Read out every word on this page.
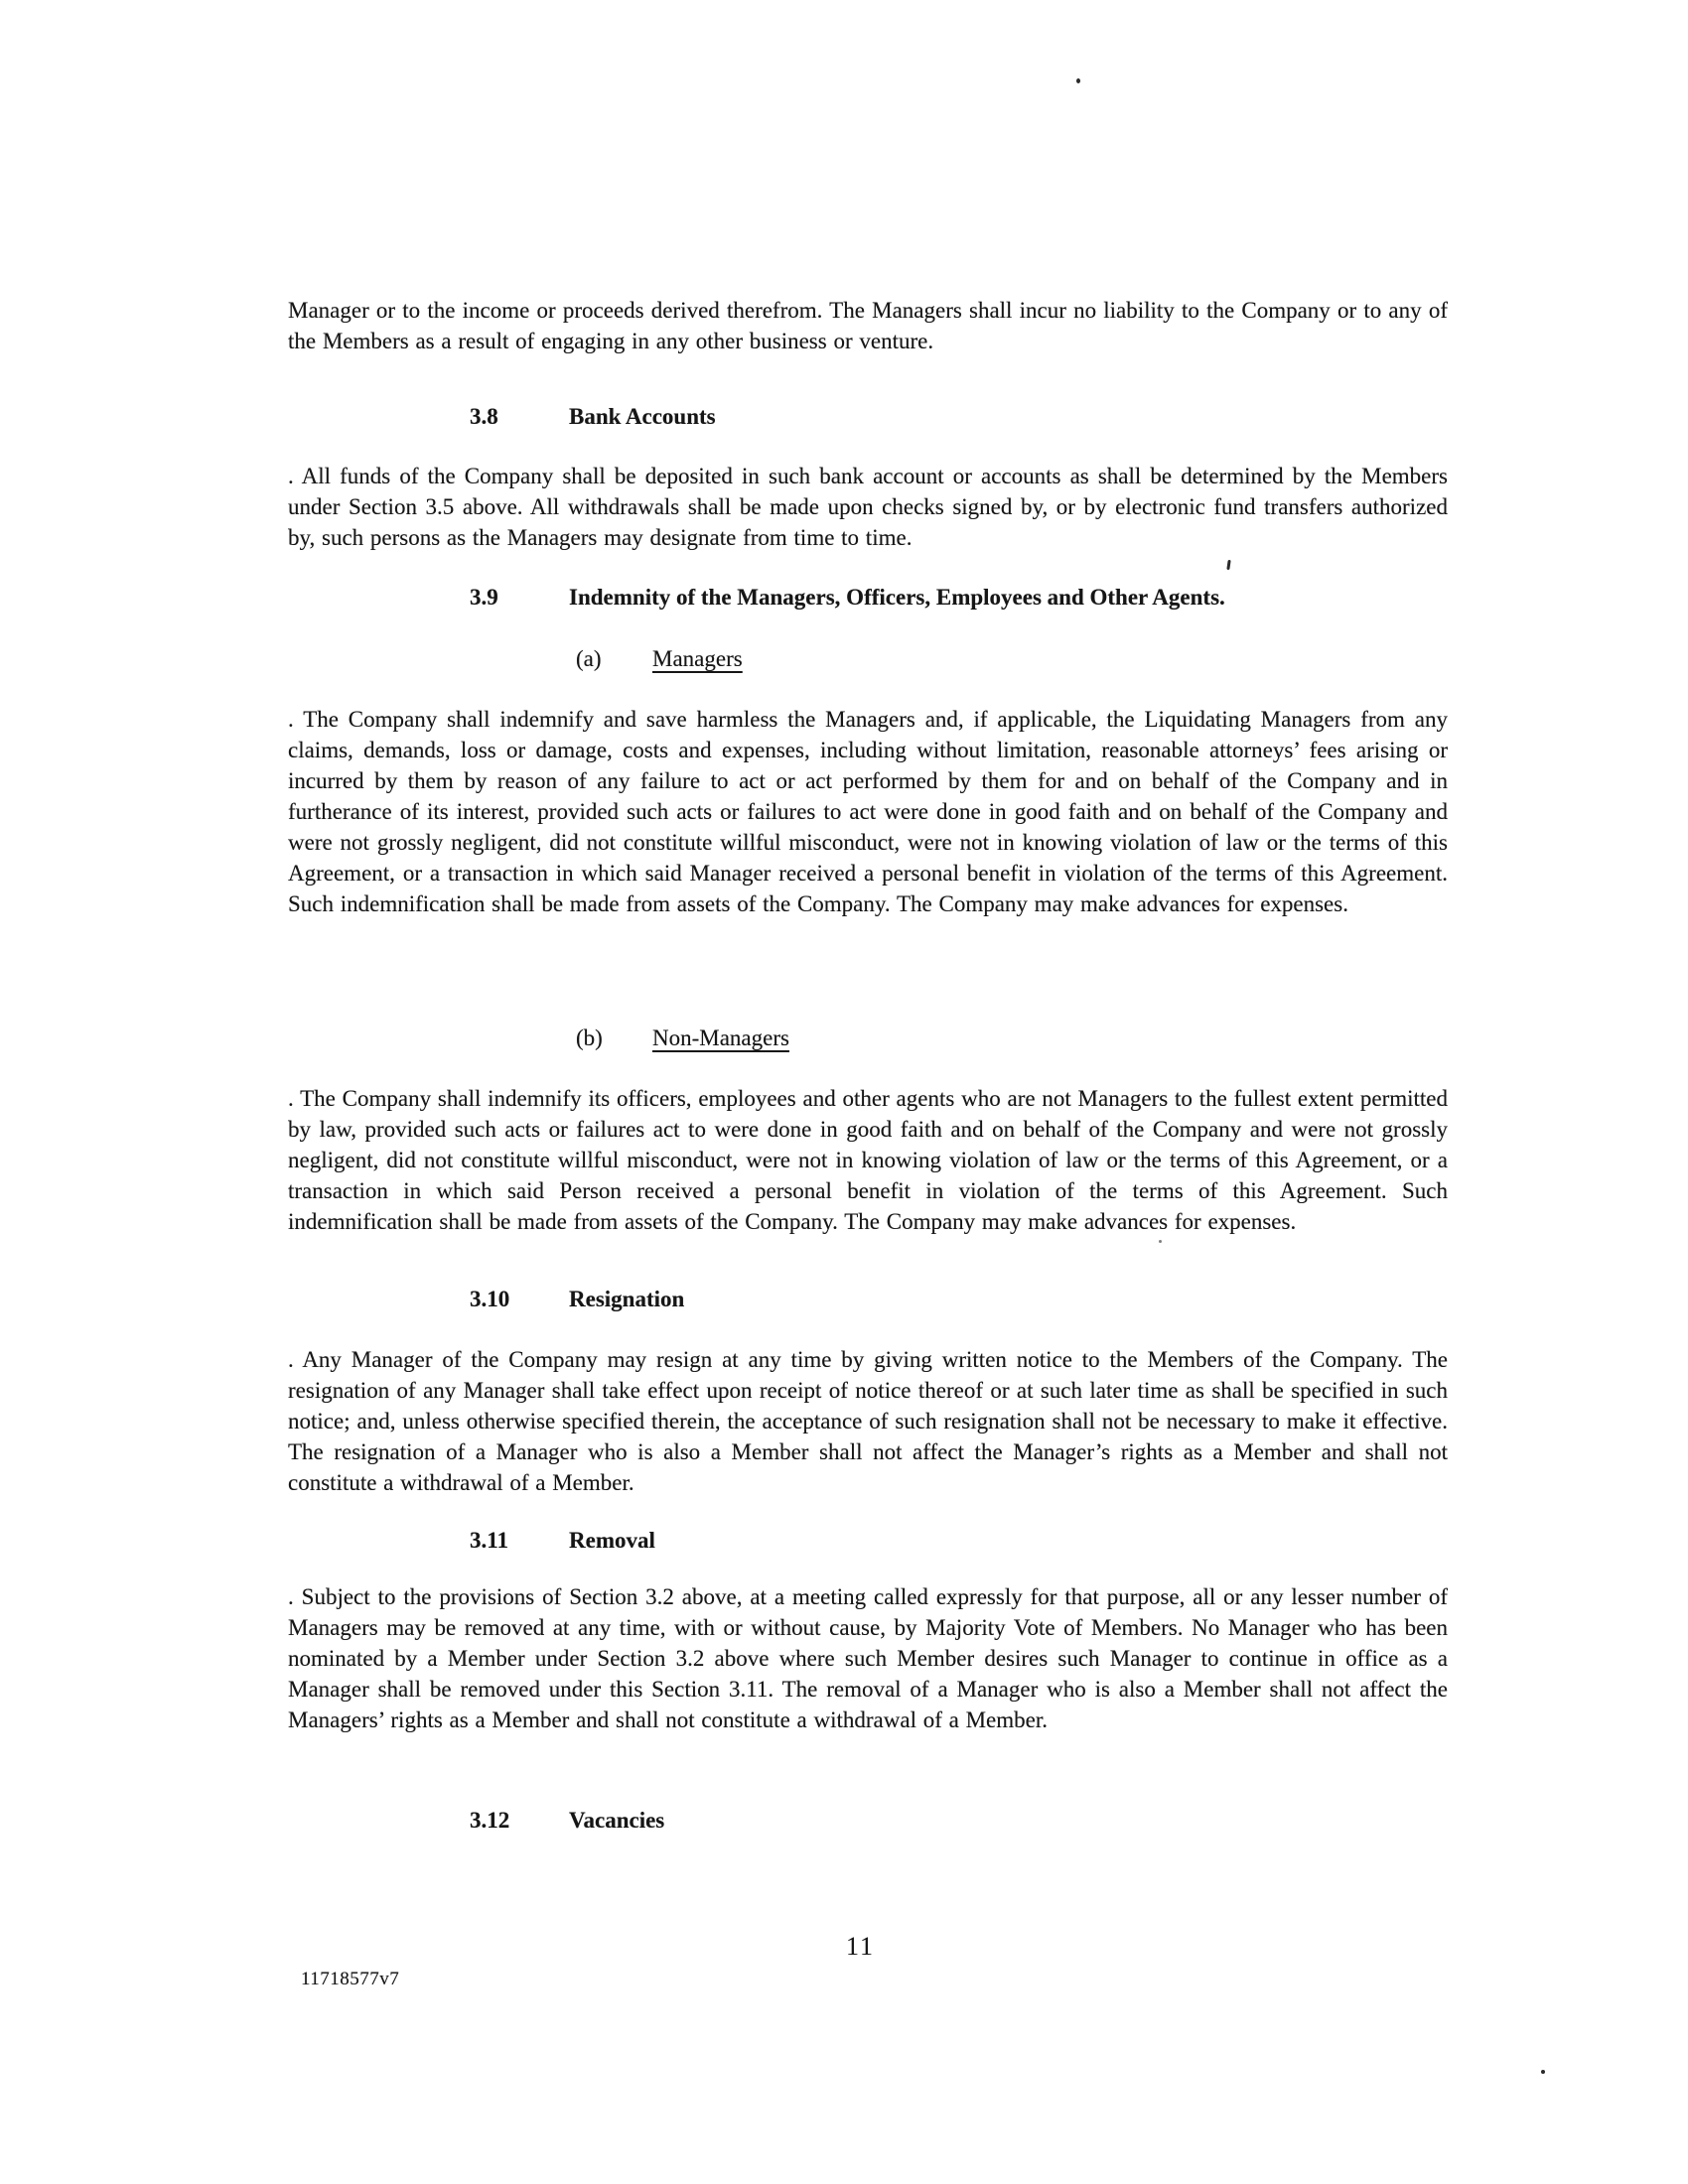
Manager or to the income or proceeds derived therefrom. The Managers shall incur no liability to the Company or to any of the Members as a result of engaging in any other business or venture.

3.8	Bank Accounts

. All funds of the Company shall be deposited in such bank account or accounts as shall be determined by the Members under Section 3.5 above. All withdrawals shall be made upon checks signed by, or by electronic fund transfers authorized by, such persons as the Managers may designate from time to time.

3.9	Indemnity of the Managers, Officers, Employees and Other Agents.
(a) Managers

. The Company shall indemnify and save harmless the Managers and, if applicable, the Liquidating Managers from any claims, demands, loss or damage, costs and expenses, including without limitation, reasonable attorneys’ fees arising or incurred by them by reason of any failure to act or act performed by them for and on behalf of the Company and in furtherance of its interest, provided such acts or failures to act were done in good faith and on behalf of the Company and were not grossly negligent, did not constitute willful misconduct, were not in knowing violation of law or the terms of this Agreement, or a transaction in which said Manager received a personal benefit in violation of the terms of this Agreement. Such indemnification shall be made from assets of the Company. The Company may make advances for expenses.

(b) Non-Managers

. The Company shall indemnify its officers, employees and other agents who are not Managers to the fullest extent permitted by law, provided such acts or failures act to were done in good faith and on behalf of the Company and were not grossly negligent, did not constitute willful misconduct, were not in knowing violation of law or the terms of this Agreement, or a transaction in which said Person received a personal benefit in violation of the terms of this Agreement. Such indemnification shall be made from assets of the Company. The Company may make advances for expenses.

3.10	Resignation

. Any Manager of the Company may resign at any time by giving written notice to the Members of the Company. The resignation of any Manager shall take effect upon receipt of notice thereof or at such later time as shall be specified in such notice; and, unless otherwise specified therein, the acceptance of such resignation shall not be necessary to make it effective. The resignation of a Manager who is also a Member shall not affect the Manager’s rights as a Member and shall not constitute a withdrawal of a Member.

3.11	Removal

. Subject to the provisions of Section 3.2 above, at a meeting called expressly for that purpose, all or any lesser number of Managers may be removed at any time, with or without cause, by Majority Vote of Members. No Manager who has been nominated by a Member under Section 3.2 above where such Member desires such Manager to continue in office as a Manager shall be removed under this Section 3.11. The removal of a Manager who is also a Member shall not affect the Managers’ rights as a Member and shall not constitute a withdrawal of a Member.

3.12	Vacancies
11718577v7
11
